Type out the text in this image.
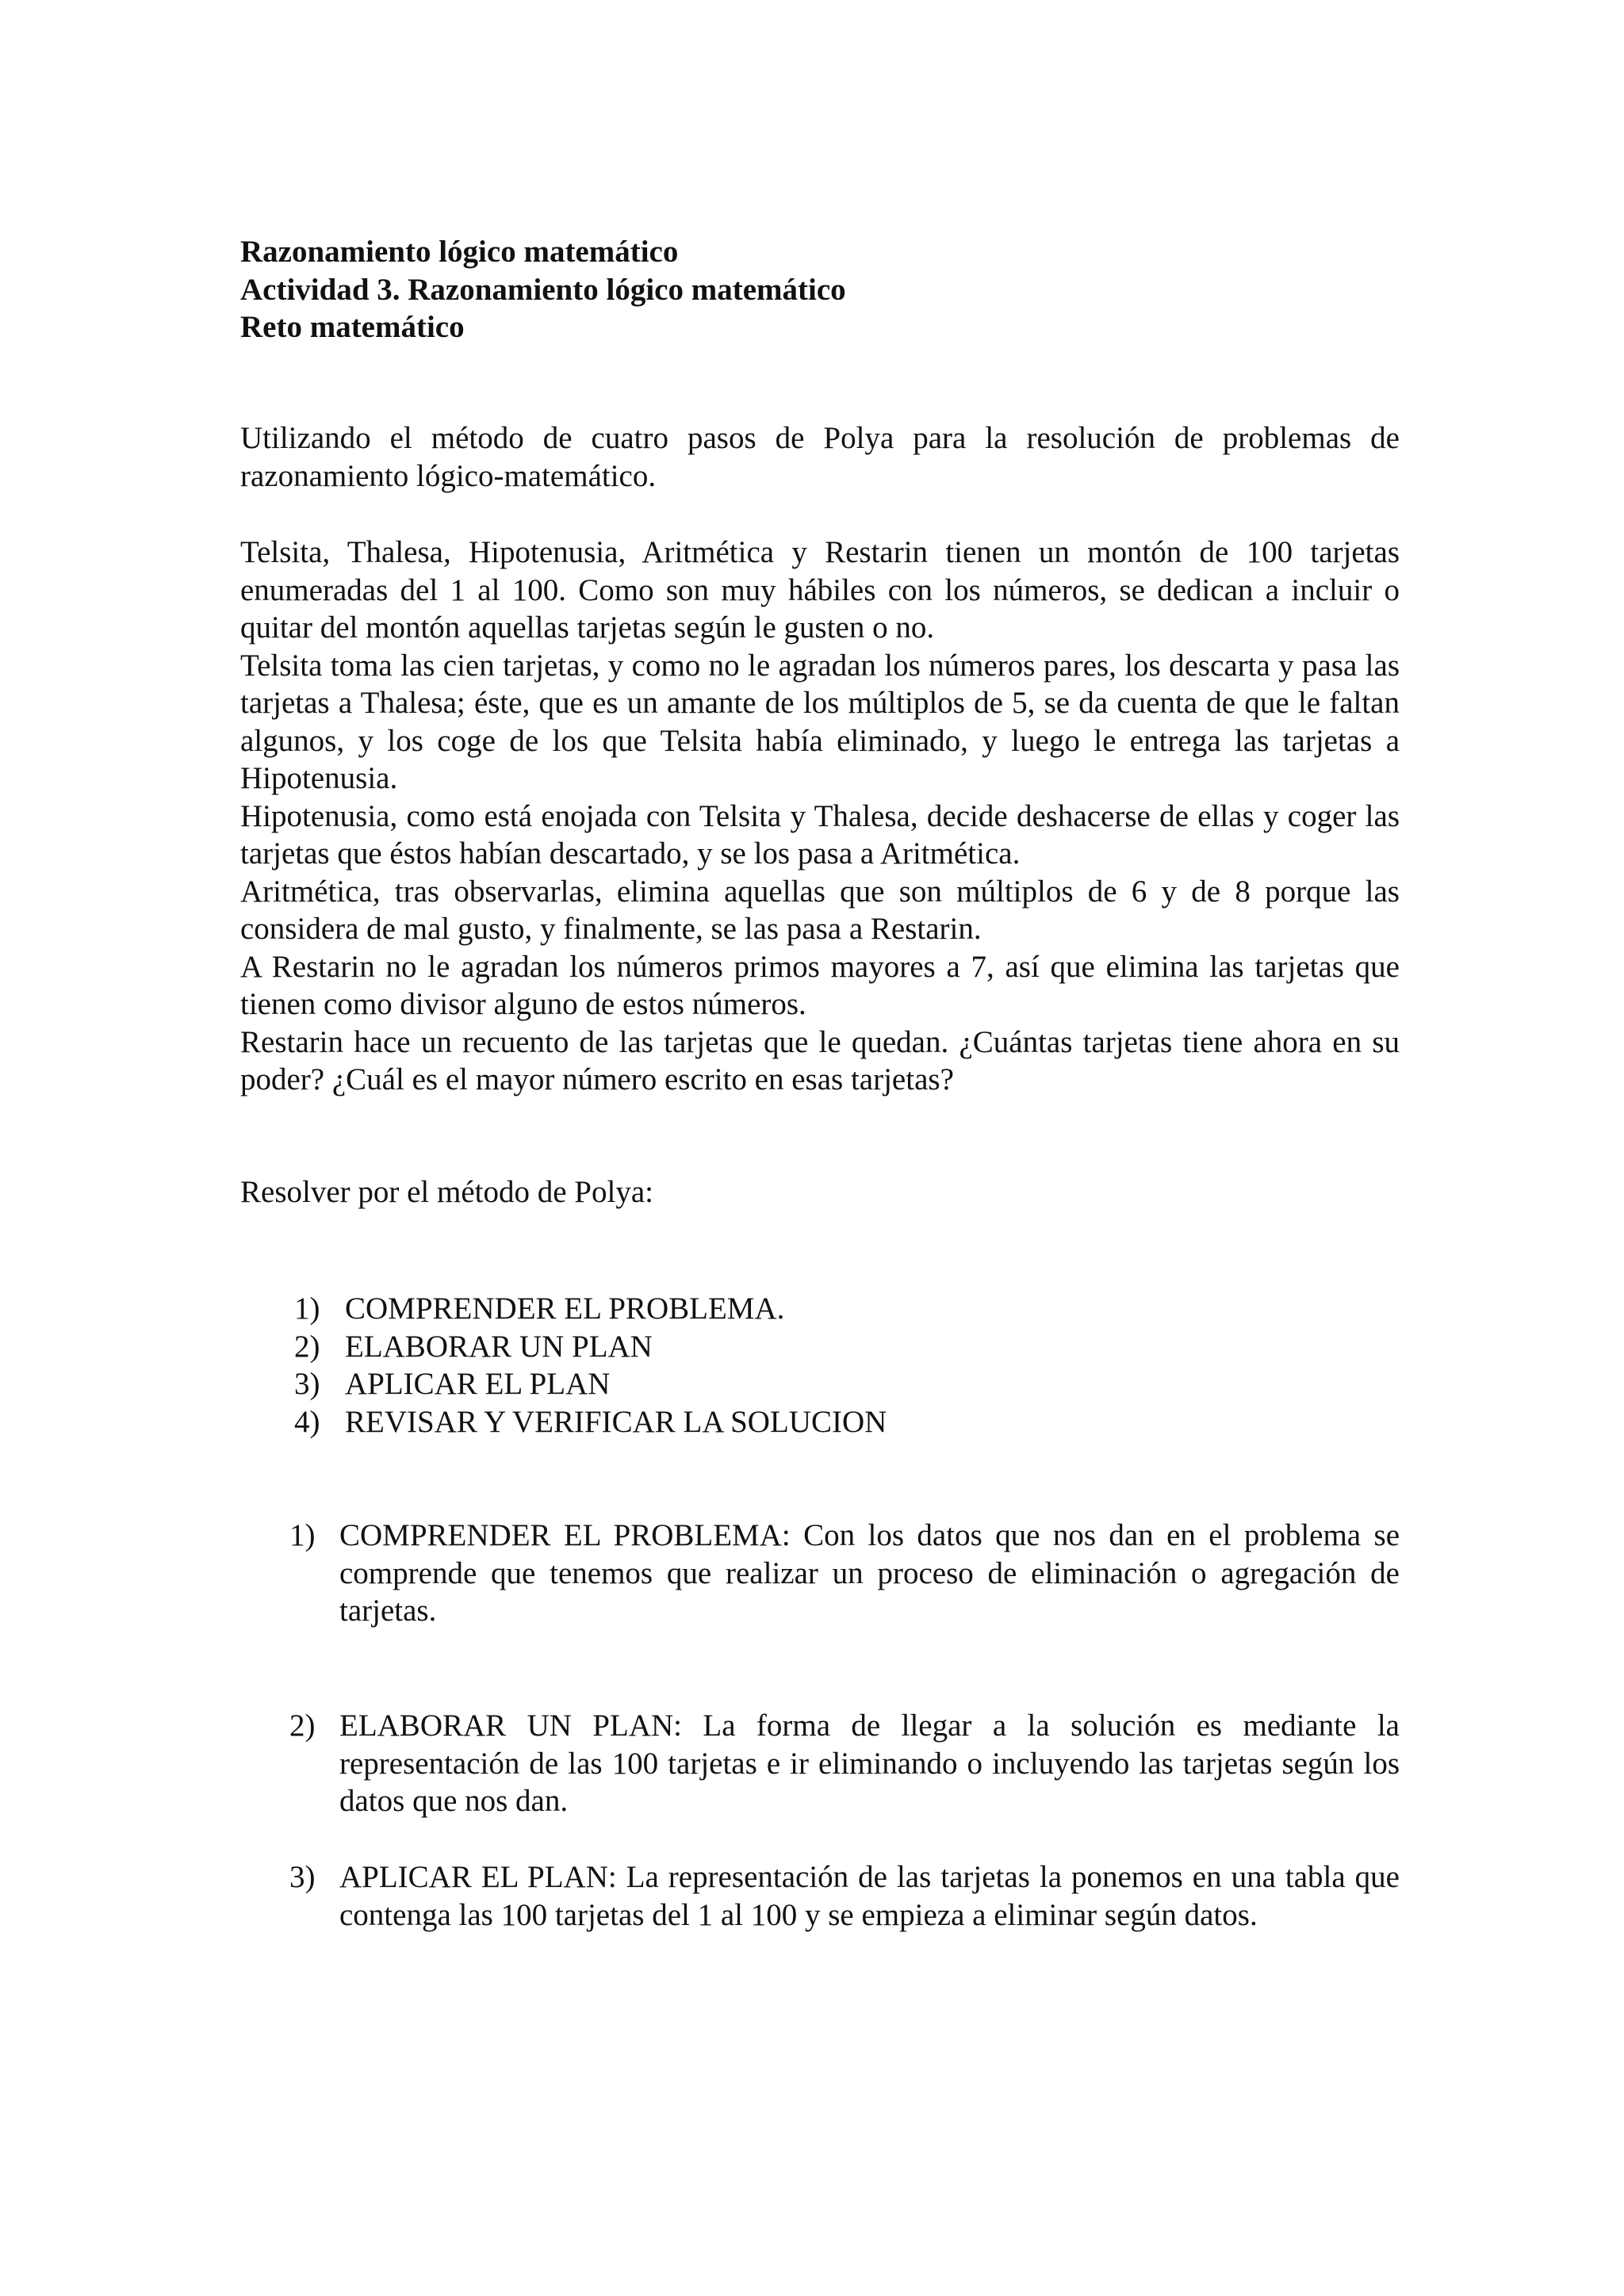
Razonamiento lógico matemático
Actividad 3. Razonamiento lógico matemático
Reto matemático

Utilizando el método de cuatro pasos de Polya para la resolución de problemas de razonamiento lógico-matemático.

Telsita, Thalesa, Hipotenusia, Aritmética y Restarin tienen un montón de 100 tarjetas enumeradas del 1 al 100. Como son muy hábiles con los números, se dedican a incluir o quitar del montón aquellas tarjetas según le gusten o no.

Telsita toma las cien tarjetas, y como no le agradan los números pares, los descarta y pasa las tarjetas a Thalesa; éste, que es un amante de los múltiplos de 5, se da cuenta de que le faltan algunos, y los coge de los que Telsita había eliminado, y luego le entrega las tarjetas a Hipotenusia.

Hipotenusia, como está enojada con Telsita y Thalesa, decide deshacerse de ellas y coger las tarjetas que éstos habían descartado, y se los pasa a Aritmética.

Aritmética, tras observarlas, elimina aquellas que son múltiplos de 6 y de 8 porque las considera de mal gusto, y finalmente, se las pasa a Restarin.

A Restarin no le agradan los números primos mayores a 7, así que elimina las tarjetas que tienen como divisor alguno de estos números.

Restarin hace un recuento de las tarjetas que le quedan. ¿Cuántas tarjetas tiene ahora en su poder? ¿Cuál es el mayor número escrito en esas tarjetas?

Resolver por el método de Polya:

1) COMPRENDER EL PROBLEMA.
2) ELABORAR UN PLAN
3) APLICAR EL PLAN
4) REVISAR Y VERIFICAR LA SOLUCION
1) COMPRENDER EL PROBLEMA: Con los datos que nos dan en el problema se comprende que tenemos que realizar un proceso de eliminación o agregación de tarjetas.
2) ELABORAR UN PLAN: La forma de llegar a la solución es mediante la representación de las 100 tarjetas e ir eliminando o incluyendo las tarjetas según los datos que nos dan.
3) APLICAR EL PLAN: La representación de las tarjetas la ponemos en una tabla que contenga las 100 tarjetas del 1 al 100 y se empieza a eliminar según datos.
